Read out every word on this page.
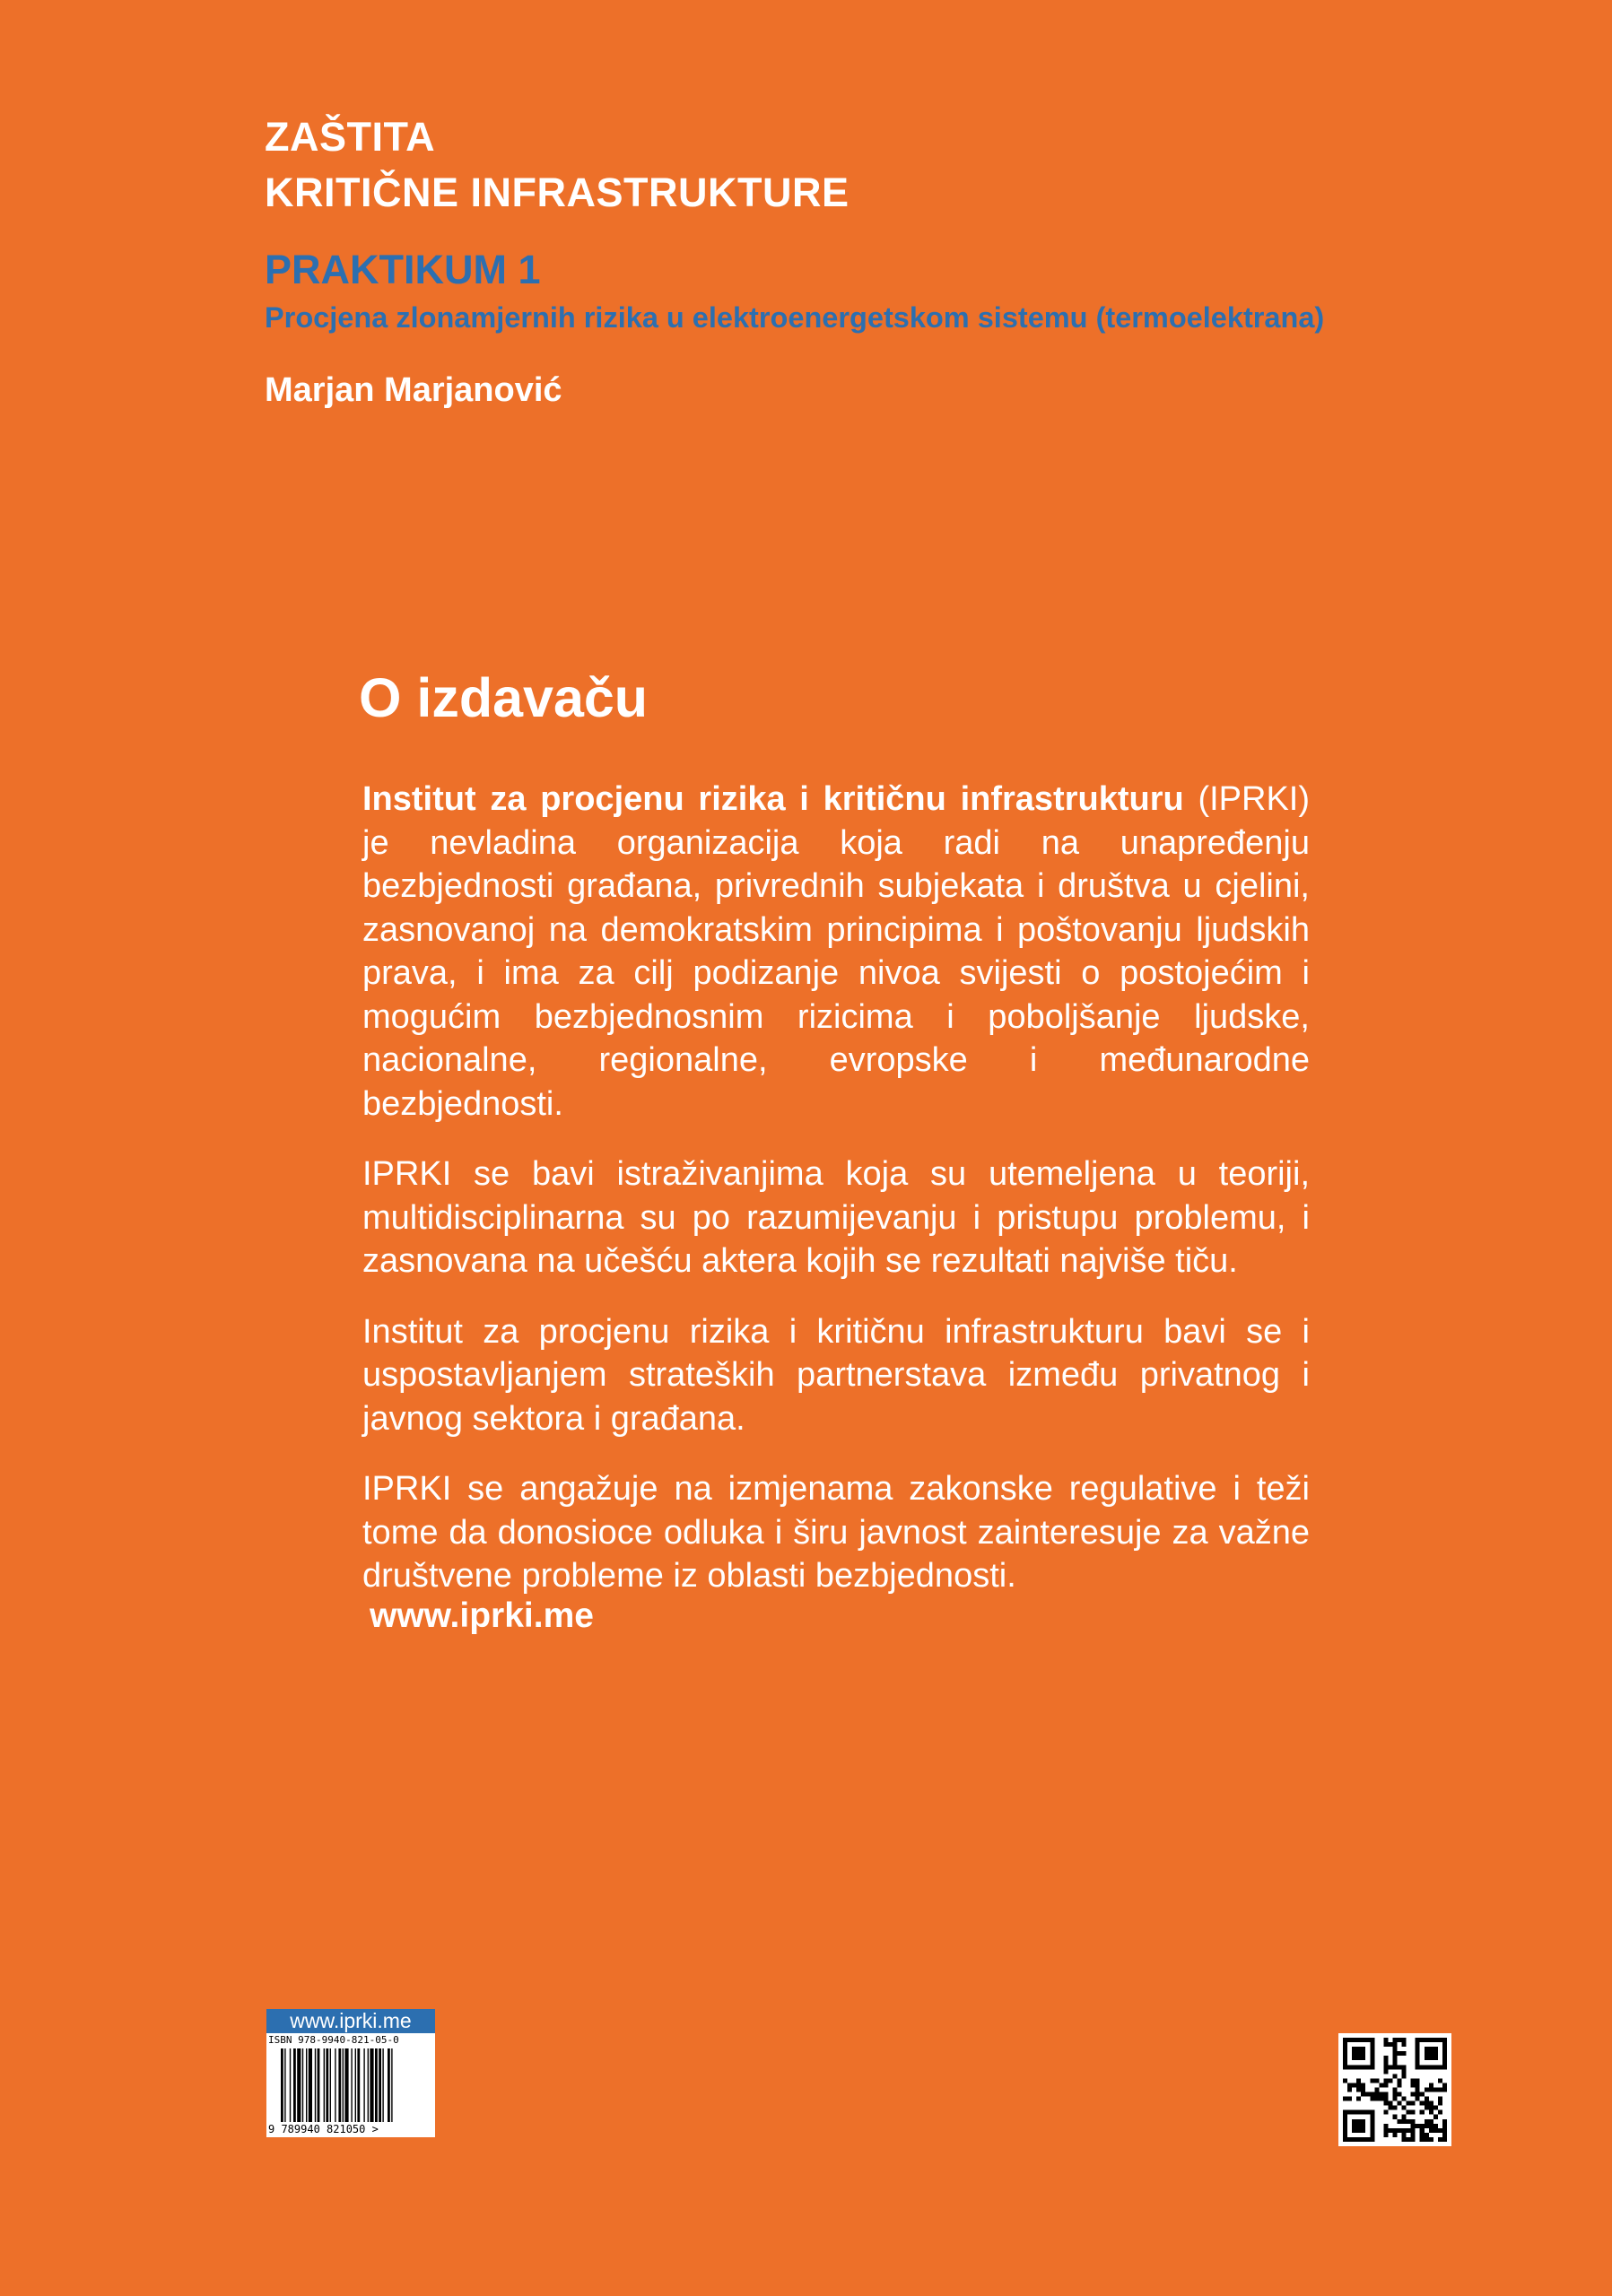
ZAŠTITA
KRITIČNE INFRASTRUKTURE
PRAKTIKUM 1

Procjena zlonamjernih rizika u elektroenergetskom sistemu (termoelektrana)

Marjan Marjanović

O izdavaču

Institut za procjenu rizika i kritičnu infrastrukturu (IPRKI) je nevladina organizacija koja radi na unapređenju bezbjednosti građana, privrednih subjekata i društva u cjelini, zasnovanoj na demokratskim principima i poštovanju ljudskih prava, i ima za cilj podizanje nivoa svijesti o postojećim i mogućim bezbjednosnim rizicima i poboljšanje ljudske, nacionalne, regionalne, evropske i međunarodne bezbjednosti.

IPRKI se bavi istraživanjima koja su utemeljena u teoriji, multidisciplinarna su po razumijevanju i pristupu problemu, i zasnovana na učešću aktera kojih se rezultati najviše tiču.

Institut za procjenu rizika i kritičnu infrastrukturu bavi se i uspostavljanjem strateških partnerstava između privatnog i javnog sektora i građana.

IPRKI se angažuje na izmjenama zakonske regulative i teži tome da donosioce odluka i širu javnost zainteresuje za važne društvene probleme iz oblasti bezbjednosti.

www.iprki.me

www.iprki.me
ISBN 978-9940-821-05-0
9 789940 821050 >
